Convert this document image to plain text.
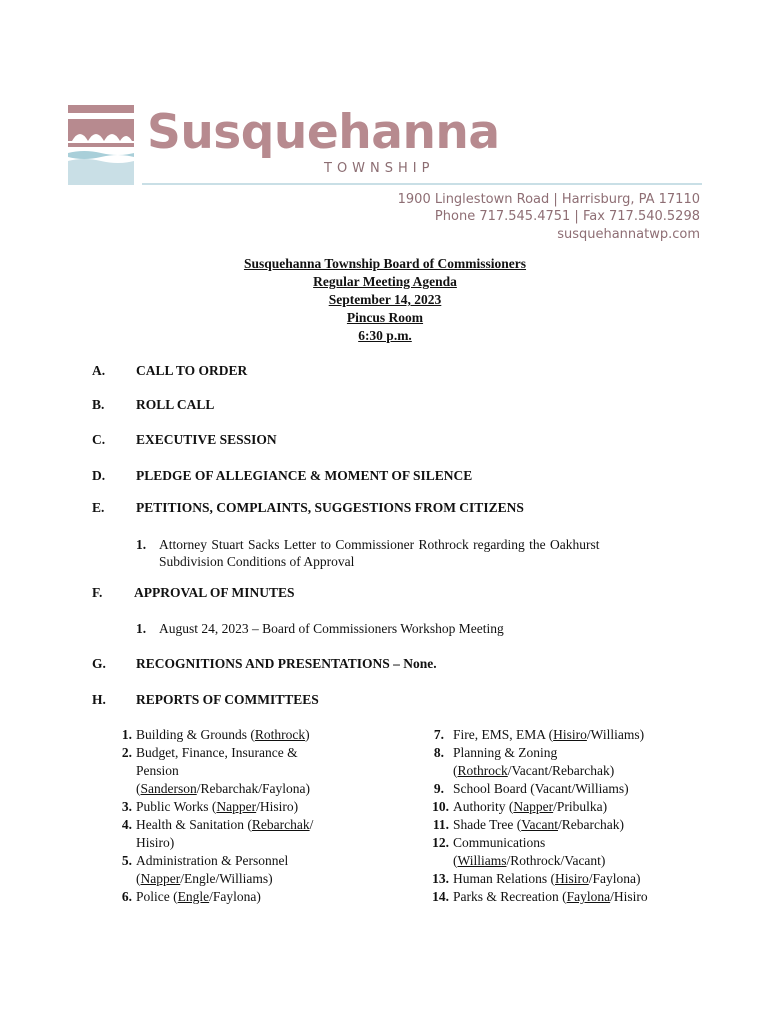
Susquehanna
TOWNSHIP
1900 Linglestown Road | Harrisburg, PA 17110
Phone 717.545.4751 | Fax 717.540.5298
susquehannatwp.com
Susquehanna Township Board of Commissioners
Regular Meeting Agenda
September 14, 2023
Pincus Room
6:30 p.m.
A. CALL TO ORDER
B. ROLL CALL
C. EXECUTIVE SESSION
D. PLEDGE OF ALLEGIANCE & MOMENT OF SILENCE
E. PETITIONS, COMPLAINTS, SUGGESTIONS FROM CITIZENS
1. Attorney Stuart Sacks Letter to Commissioner Rothrock regarding the Oakhurst
Subdivision Conditions of Approval
F. APPROVAL OF MINUTES
1. August 24, 2023 – Board of Commissioners Workshop Meeting
G. RECOGNITIONS AND PRESENTATIONS – None.
H. REPORTS OF COMMITTEES
1. Building & Grounds (Rothrock)
2. Budget, Finance, Insurance &
Pension
(Sanderson/Rebarchak/Faylona)
3. Public Works (Napper/Hisiro)
4. Health & Sanitation (Rebarchak/
Hisiro)
5. Administration & Personnel
(Napper/Engle/Williams)
6. Police (Engle/Faylona)
7. Fire, EMS, EMA (Hisiro/Williams)
8. Planning & Zoning
(Rothrock/Vacant/Rebarchak)
9. School Board (Vacant/Williams)
10. Authority (Napper/Pribulka)
11. Shade Tree (Vacant/Rebarchak)
12. Communications
(Williams/Rothrock/Vacant)
13. Human Relations (Hisiro/Faylona)
14. Parks & Recreation (Faylona/Hisiro
